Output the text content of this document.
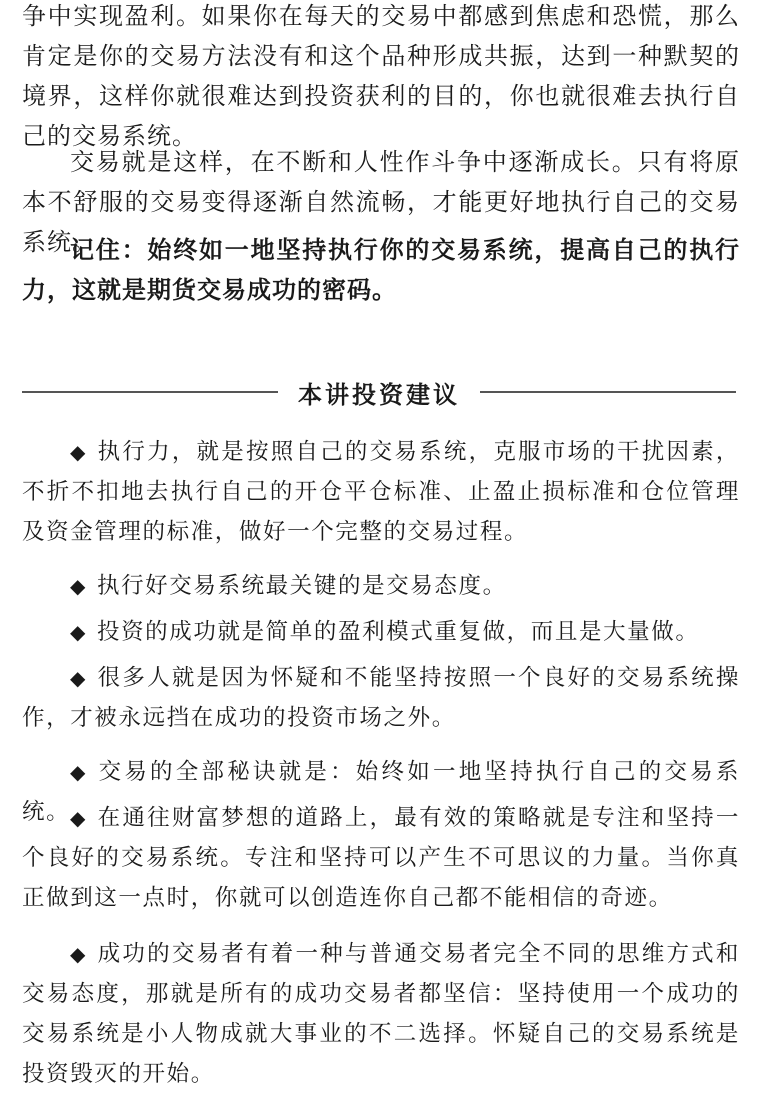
争中实现盈利。如果你在每天的交易中都感到焦虑和恐慌，那么肯定是你的交易方法没有和这个品种形成共振，达到一种默契的境界，这样你就很难达到投资获利的目的，你也就很难去执行自己的交易系统。

交易就是这样，在不断和人性作斗争中逐渐成长。只有将原本不舒服的交易变得逐渐自然流畅，才能更好地执行自己的交易系统。

记住：始终如一地坚持执行你的交易系统，提高自己的执行力，这就是期货交易成功的密码。

本讲投资建议

◆ 执行力，就是按照自己的交易系统，克服市场的干扰因素，不折不扣地去执行自己的开仓平仓标准、止盈止损标准和仓位管理及资金管理的标准，做好一个完整的交易过程。

◆ 执行好交易系统最关键的是交易态度。

◆ 投资的成功就是简单的盈利模式重复做，而且是大量做。

◆ 很多人就是因为怀疑和不能坚持按照一个良好的交易系统操作，才被永远挡在成功的投资市场之外。

◆ 交易的全部秘诀就是：始终如一地坚持执行自己的交易系统。 ◆ 在通往财富梦想的道路上，最有效的策略就是专注和坚持一个良好的交易系统。专注和坚持可以产生不可思议的力量。当你真正做到这一点时，你就可以创造连你自己都不能相信的奇迹。

◆ 成功的交易者有着一种与普通交易者完全不同的思维方式和交易态度，那就是所有的成功交易者都坚信：坚持使用一个成功的交易系统是小人物成就大事业的不二选择。怀疑自己的交易系统是投资毁灭的开始。
